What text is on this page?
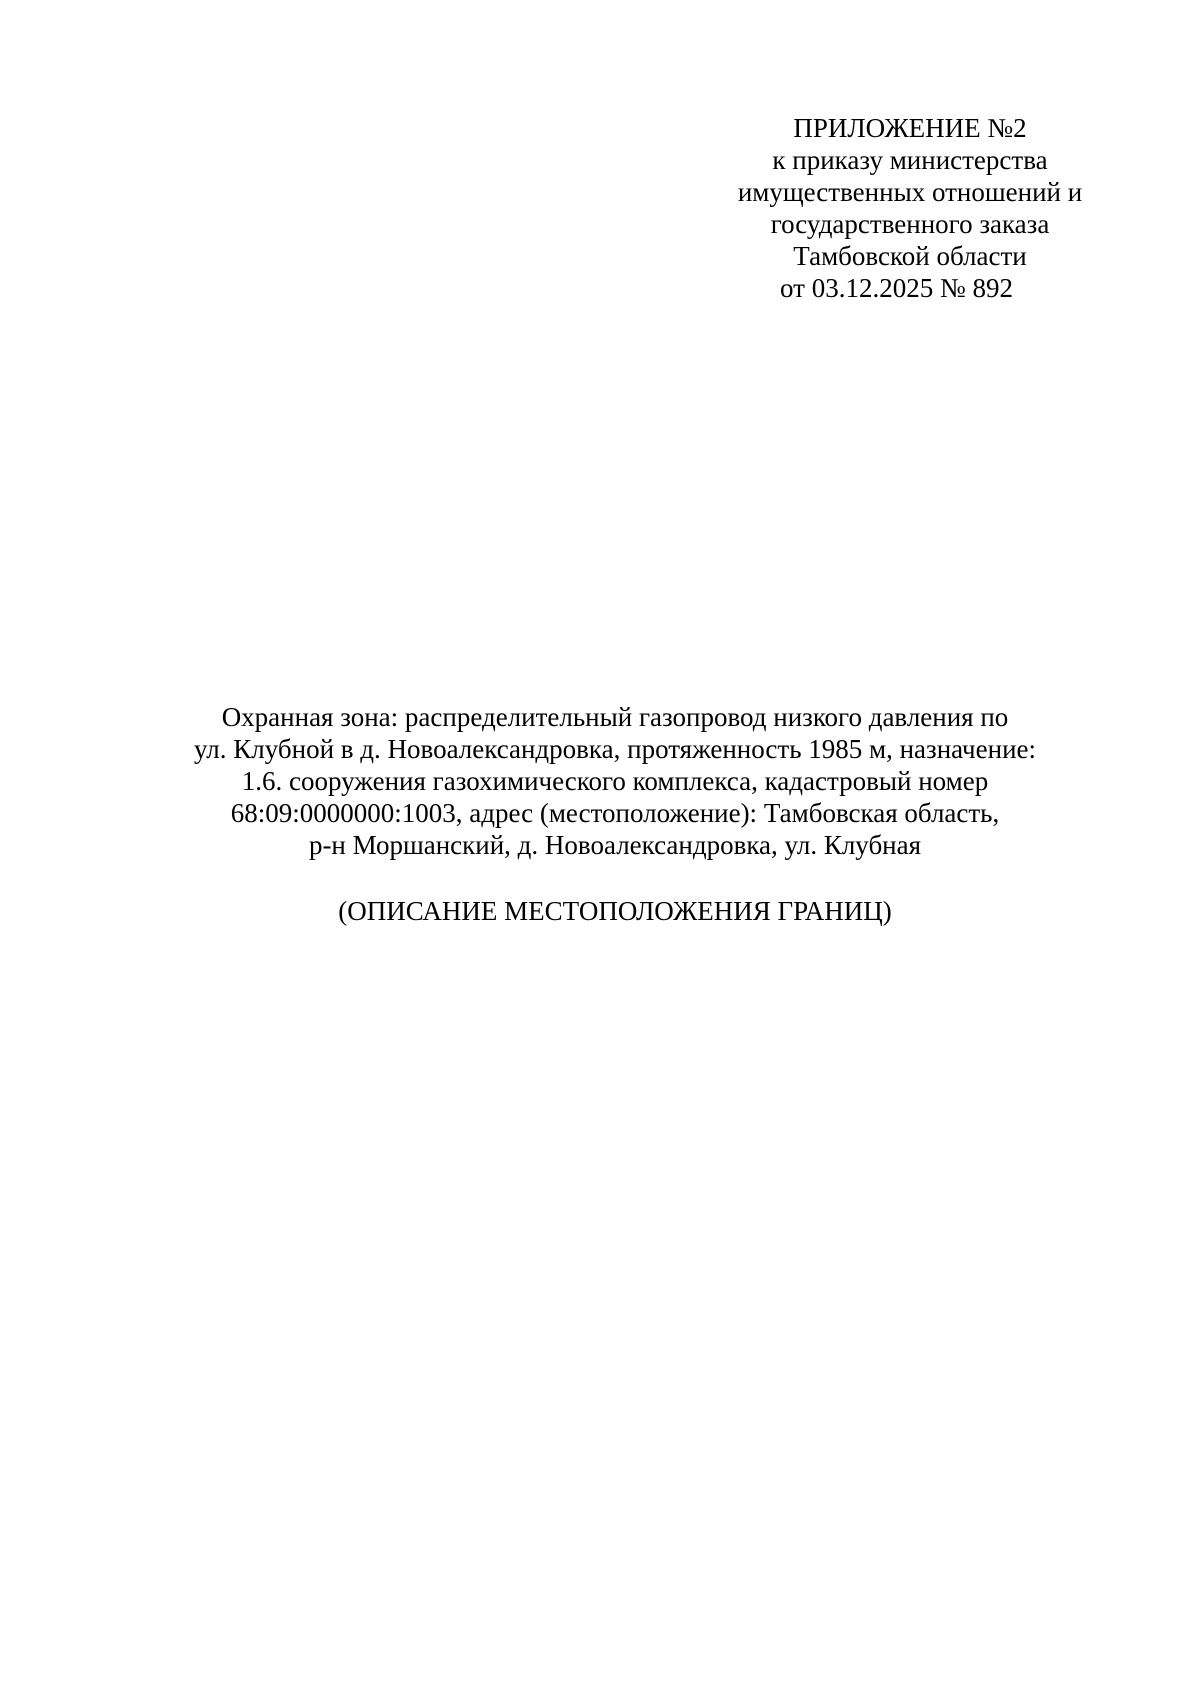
ПРИЛОЖЕНИЕ №2
к приказу министерства
имущественных отношений и
государственного заказа
Тамбовской области
от 03.12.2025 № 892
Охранная зона: распределительный газопровод низкого давления по
ул. Клубной в д. Новоалександровка, протяженность 1985 м, назначение:
1.6. сооружения газохимического комплекса, кадастровый номер
68:09:0000000:1003, адрес (местоположение): Тамбовская область,
р-н Моршанский, д. Новоалександровка, ул. Клубная
(ОПИСАНИЕ МЕСТОПОЛОЖЕНИЯ ГРАНИЦ)
